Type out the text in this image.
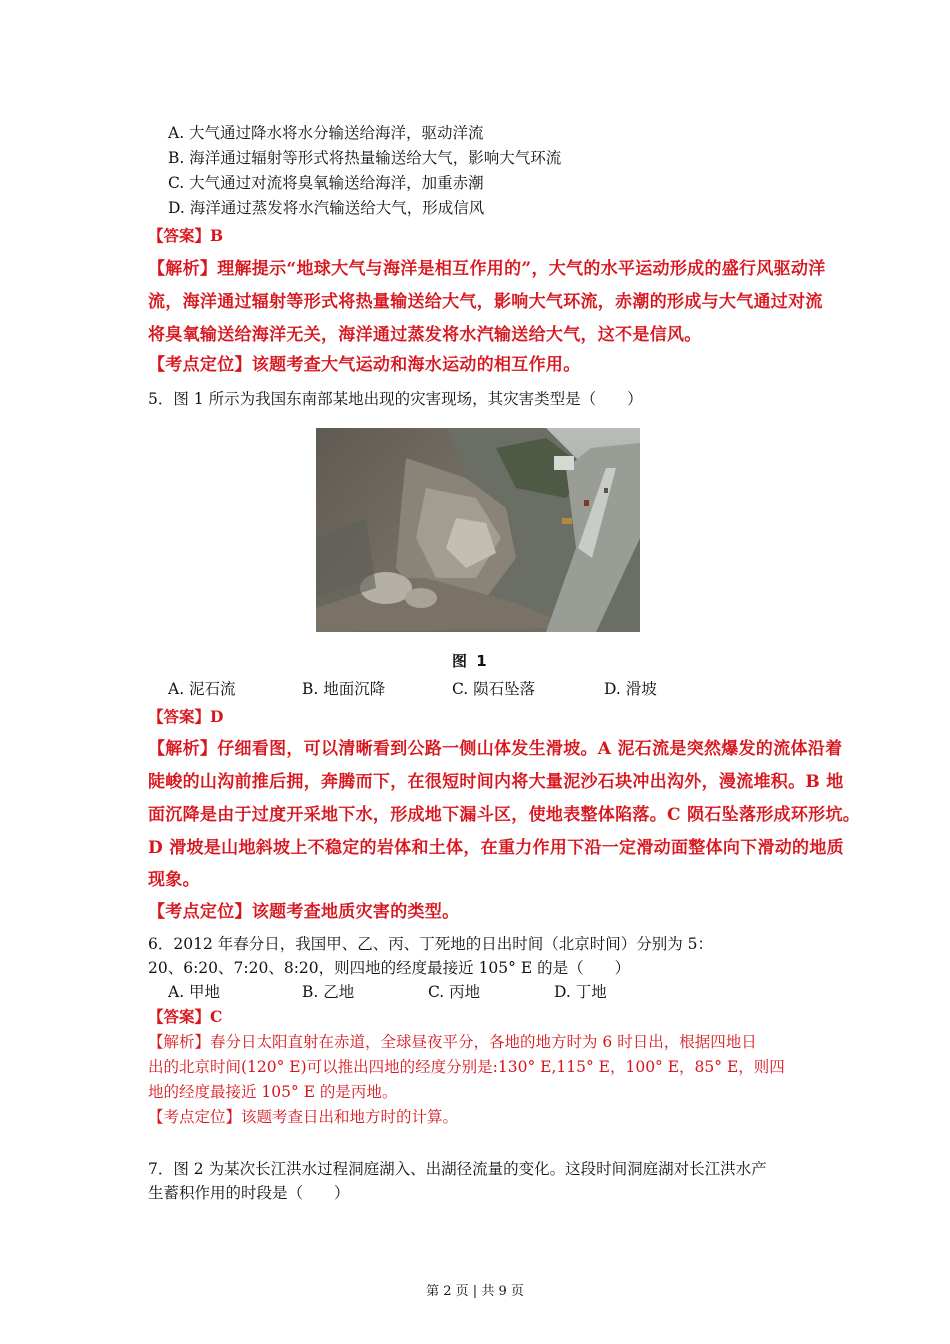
A. 大气通过降水将水分输送给海洋，驱动洋流
B. 海洋通过辐射等形式将热量输送给大气，影响大气环流
C. 大气通过对流将臭氧输送给海洋，加重赤潮
D. 海洋通过蒸发将水汽输送给大气，形成信风
【答案】B
【解析】理解提示“地球大气与海洋是相互作用的”，大气的水平运动形成的盛行风驱动洋
流，海洋通过辐射等形式将热量输送给大气，影响大气环流，赤潮的形成与大气通过对流
将臭氧输送给海洋无关，海洋通过蒸发将水汽输送给大气，这不是信风。
【考点定位】该题考查大气运动和海水运动的相互作用。
5．图 1 所示为我国东南部某地出现的灾害现场，其灾害类型是（　　）
图 1
A. 泥石流	B. 地面沉降	C. 陨石坠落	D. 滑坡
【答案】D
【解析】仔细看图，可以清晰看到公路一侧山体发生滑坡。A 泥石流是突然爆发的流体沿着
陡峻的山沟前推后拥，奔腾而下，在很短时间内将大量泥沙石块冲出沟外，漫流堆积。B 地
面沉降是由于过度开采地下水，形成地下漏斗区，使地表整体陷落。C 陨石坠落形成环形坑。
D 滑坡是山地斜坡上不稳定的岩体和土体，在重力作用下沿一定滑动面整体向下滑动的地质
现象。
【考点定位】该题考查地质灾害的类型。
6．2012 年春分日，我国甲、乙、丙、丁死地的日出时间（北京时间）分别为 5：
20、6:20、7:20、8:20，则四地的经度最接近 105° E 的是（　　）
A. 甲地	B. 乙地	C. 丙地	D. 丁地
【答案】C
【解析】春分日太阳直射在赤道，全球昼夜平分，各地的地方时为 6 时日出，根据四地日
出的北京时间(120° E)可以推出四地的经度分别是:130° E,115° E，100° E，85° E，则四
地的经度最接近 105° E 的是丙地。
【考点定位】该题考查日出和地方时的计算。
7．图 2 为某次长江洪水过程洞庭湖入、出湖径流量的变化。这段时间洞庭湖对长江洪水产
生蓄积作用的时段是（　　）
第 2 页 | 共 9 页
